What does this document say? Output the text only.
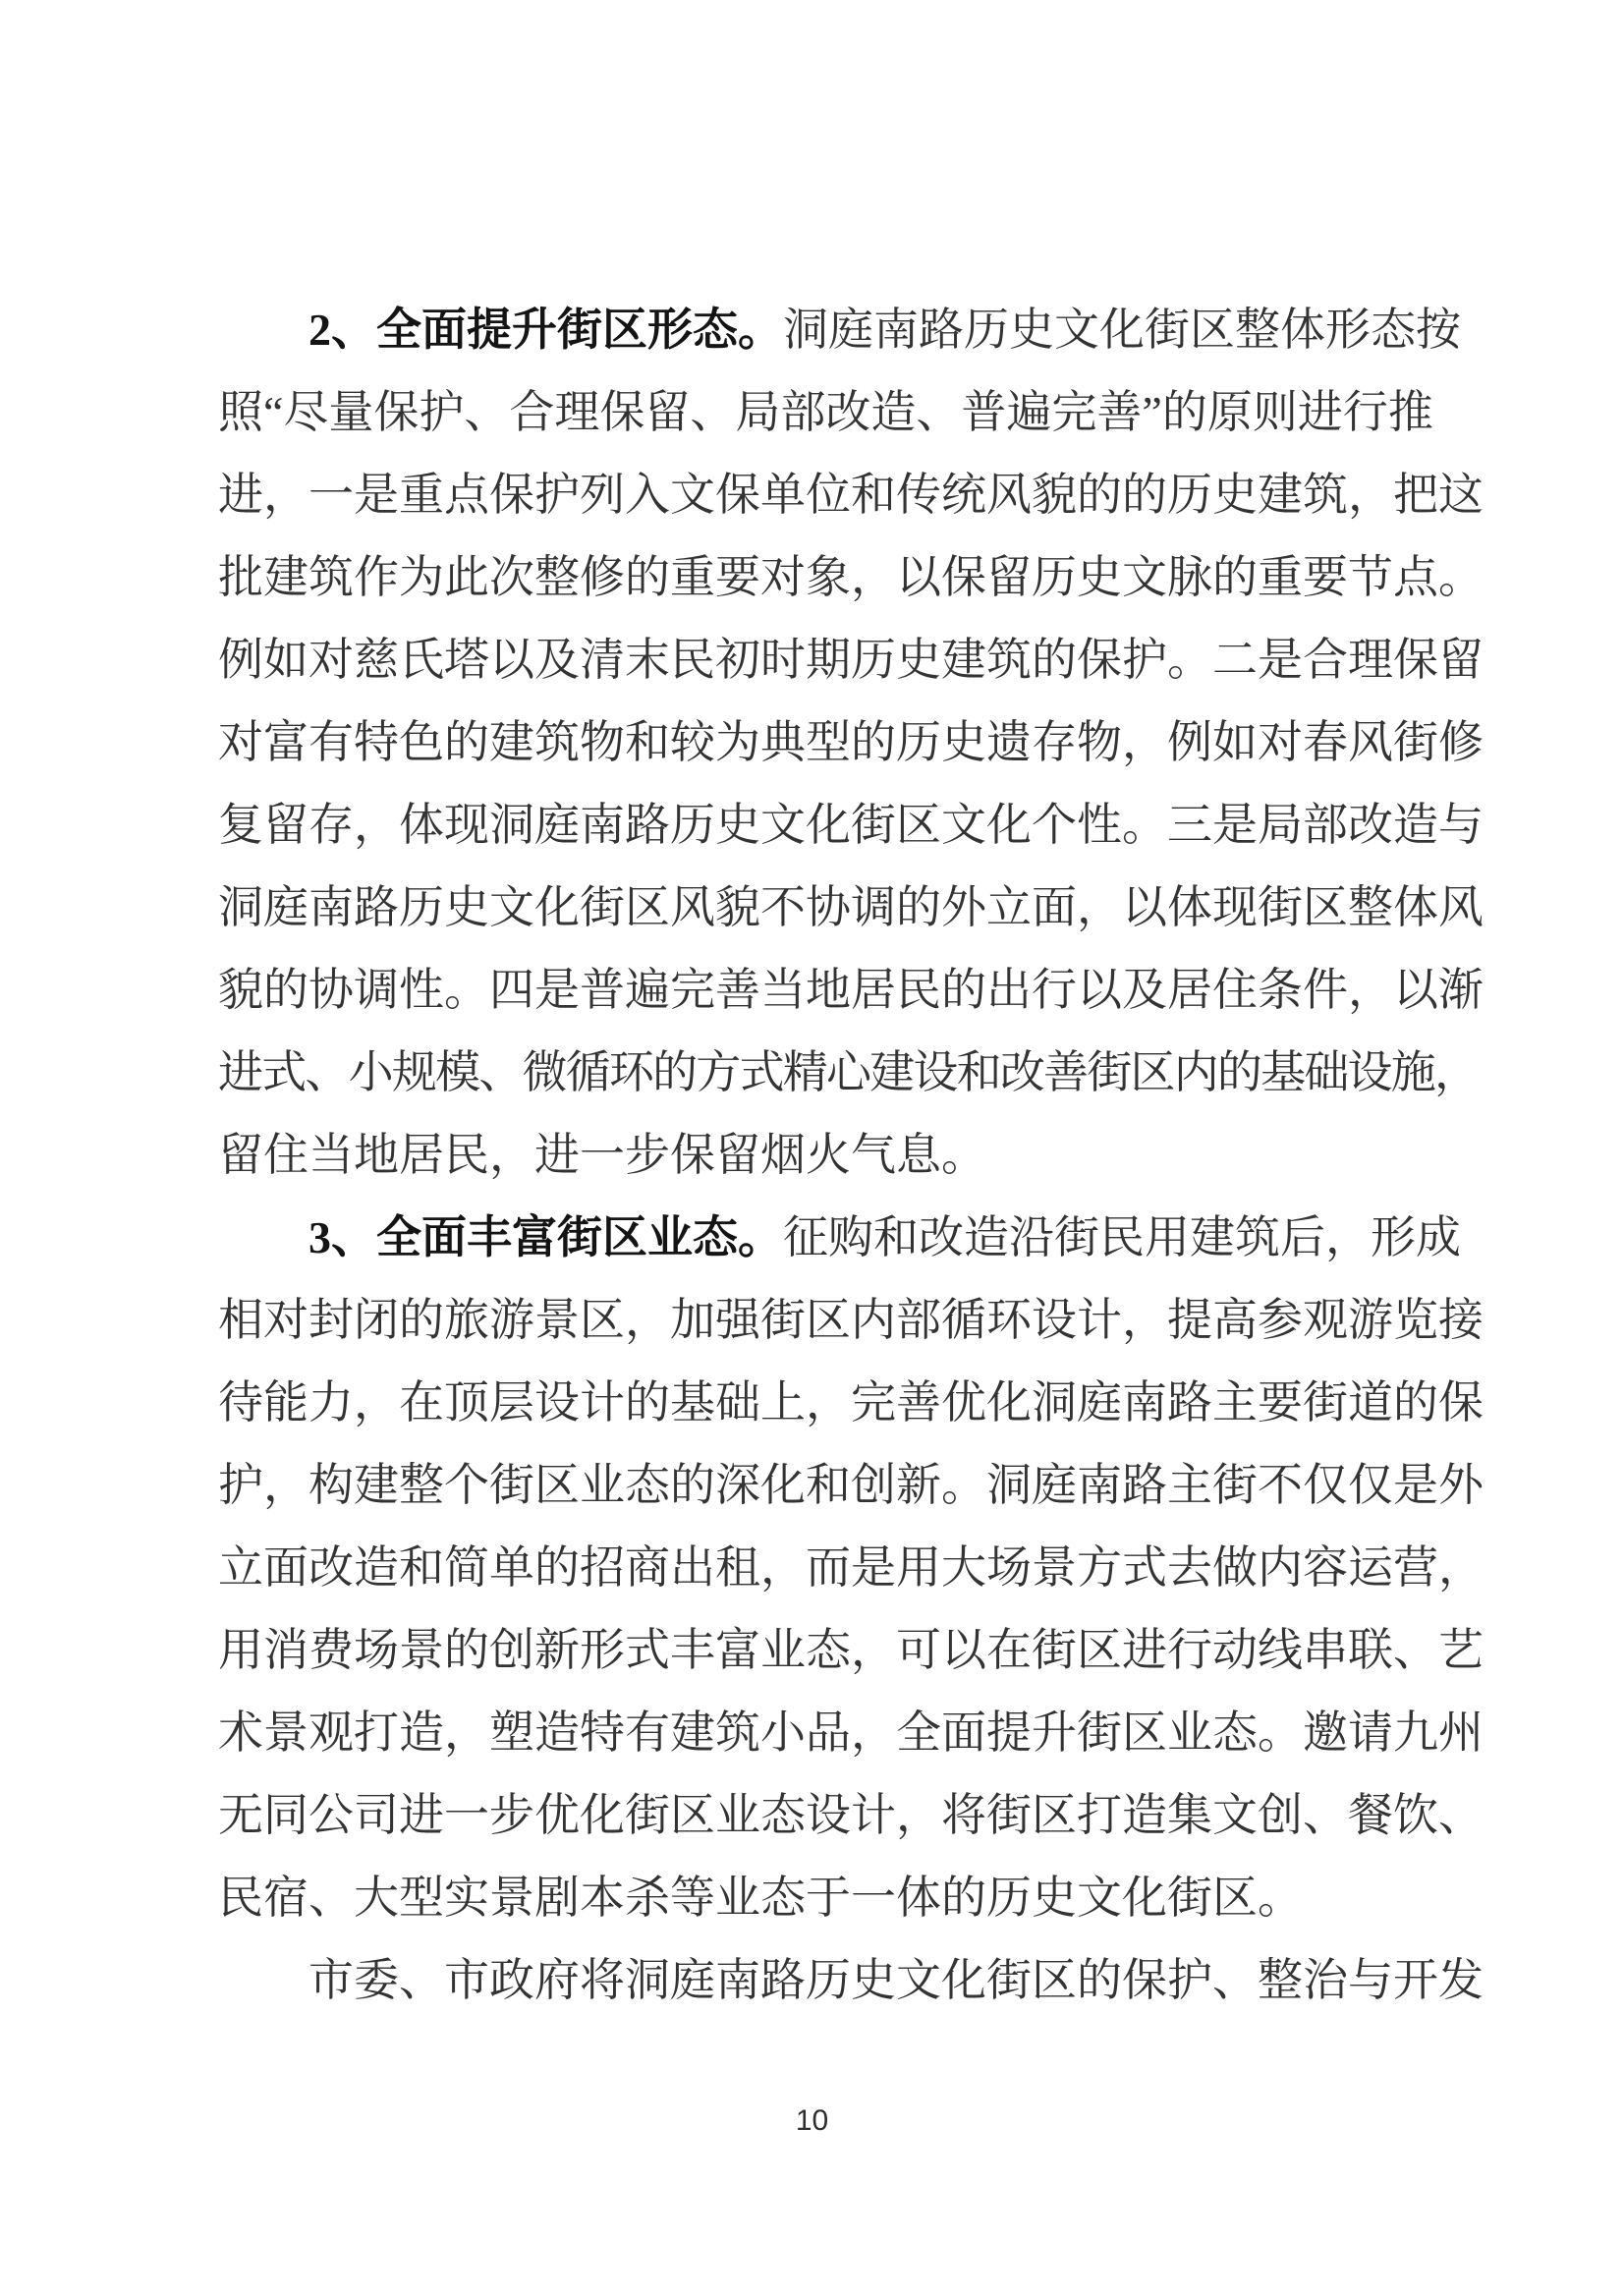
　　2、全面提升街区形态。洞庭南路历史文化街区整体形态按
照“尽量保护、合理保留、局部改造、普遍完善”的原则进行推
进，一是重点保护列入文保单位和传统风貌的的历史建筑，把这
批建筑作为此次整修的重要对象，以保留历史文脉的重要节点。
例如对慈氏塔以及清末民初时期历史建筑的保护。二是合理保留
对富有特色的建筑物和较为典型的历史遗存物，例如对春风街修
复留存，体现洞庭南路历史文化街区文化个性。三是局部改造与
洞庭南路历史文化街区风貌不协调的外立面，以体现街区整体风
貌的协调性。四是普遍完善当地居民的出行以及居住条件，以渐
进式、小规模、微循环的方式精心建设和改善街区内的基础设施，
留住当地居民，进一步保留烟火气息。
　　3、全面丰富街区业态。征购和改造沿街民用建筑后，形成
相对封闭的旅游景区，加强街区内部循环设计，提高参观游览接
待能力，在顶层设计的基础上，完善优化洞庭南路主要街道的保
护，构建整个街区业态的深化和创新。洞庭南路主街不仅仅是外
立面改造和简单的招商出租，而是用大场景方式去做内容运营，
用消费场景的创新形式丰富业态，可以在街区进行动线串联、艺
术景观打造，塑造特有建筑小品，全面提升街区业态。邀请九州
无同公司进一步优化街区业态设计，将街区打造集文创、餐饮、
民宿、大型实景剧本杀等业态于一体的历史文化街区。
　　市委、市政府将洞庭南路历史文化街区的保护、整治与开发
10
